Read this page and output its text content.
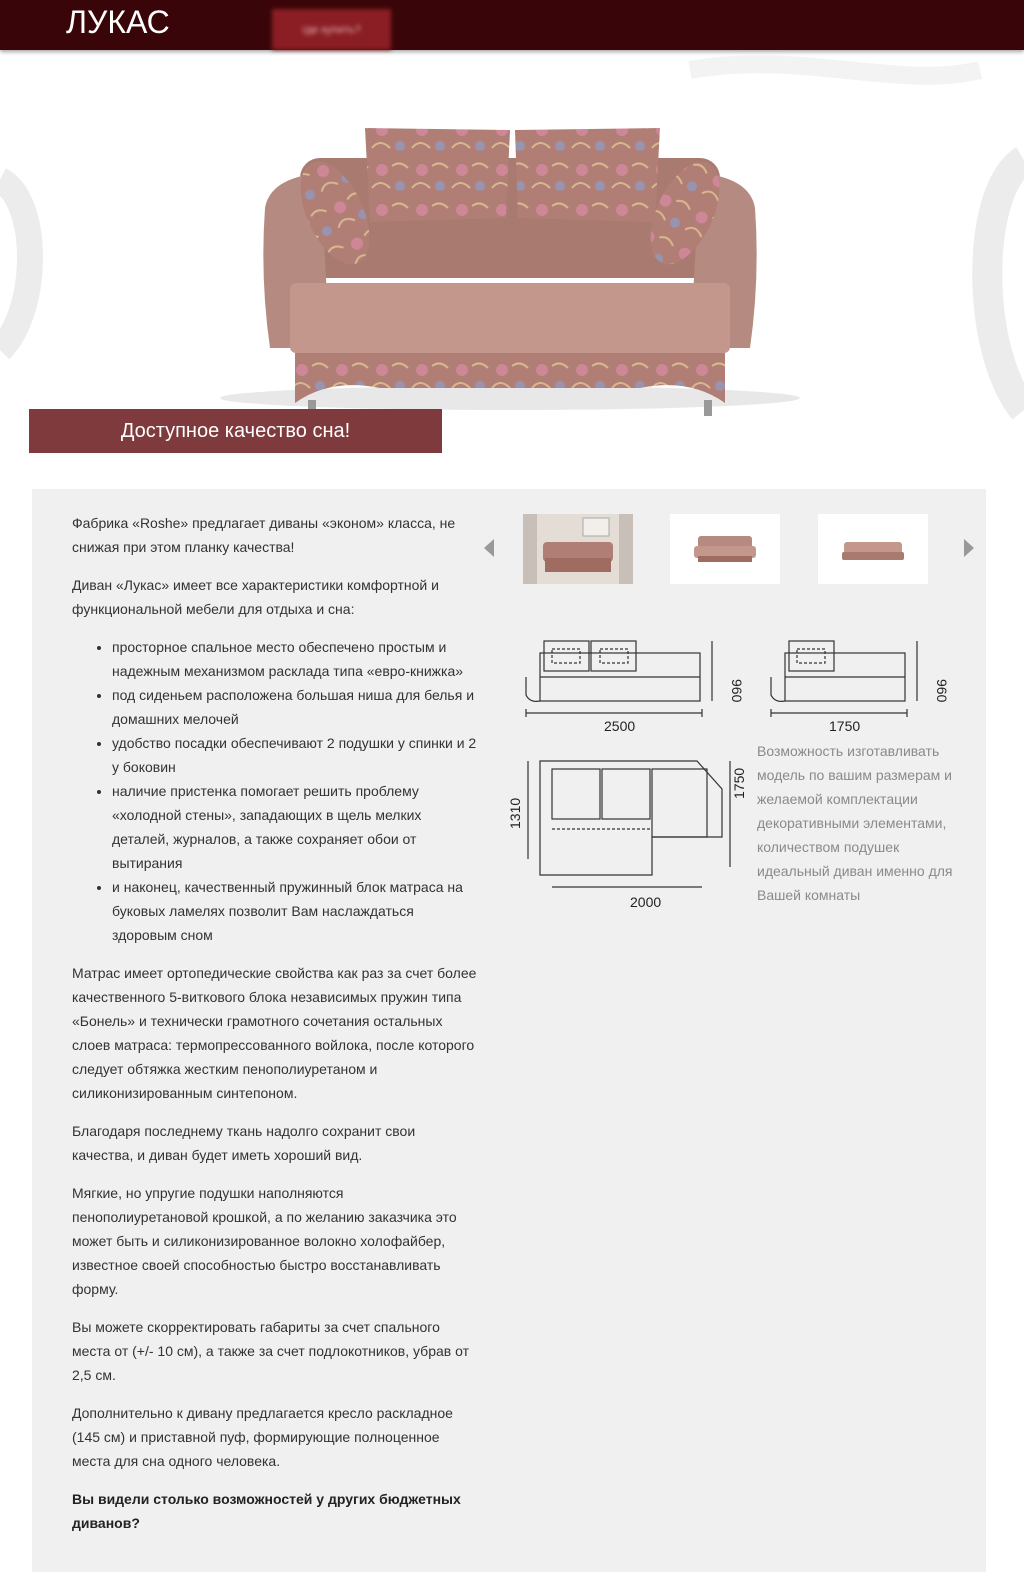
ЛУКАС	где купить?
Доступное качество сна!

Фабрика «Roshe» предлагает диваны «эконом» класса, не снижая при этом планку качества!

Диван «Лукас» имеет все характеристики комфортной и функциональной мебели для отдыха и сна:

• просторное спальное место обеспечено простым и надежным механизмом расклада типа «евро-книжка»
• под сиденьем расположена большая ниша для белья и домашних мелочей
• удобство посадки обеспечивают 2 подушки у спинки и 2 у боковин
• наличие пристенка помогает решить проблему «холодной стены», западающих в щель мелких деталей, журналов, а также сохраняет обои от вытирания
• и наконец, качественный пружинный блок матраса на буковых ламелях позволит Вам наслаждаться здоровым сном

Матрас имеет ортопедические свойства как раз за счет более качественного 5-виткового блока независимых пружин типа «Бонель» и технически грамотного сочетания остальных слоев матраса: термопрессованного войлока, после которого следует обтяжка жестким пенополиуретаном и силиконизированным синтепоном.

Благодаря последнему ткань надолго сохранит свои качества, и диван будет иметь хороший вид.

Мягкие, но упругие подушки наполняются пенополиуретановой крошкой, а по желанию заказчика это может быть и силиконизированное волокно холофайбер, известное своей способностью быстро восстанавливать форму.

Вы можете скорректировать габариты за счет спального места от (+/- 10 см), а также за счет подлокотников, убрав от 2,5 см.

Дополнительно к дивану предлагается кресло раскладное (145 см) и приставной пуф, формирующие полноценное места для сна одного человека.

Вы видели столько возможностей у других бюджетных диванов?

2500
960
2000
1310
1750
1750
960
Возможность изготавливать модель по вашим размерам и желаемой комплектации декоративными элементами, количеством подушек идеальный диван именно для Вашей комнаты
